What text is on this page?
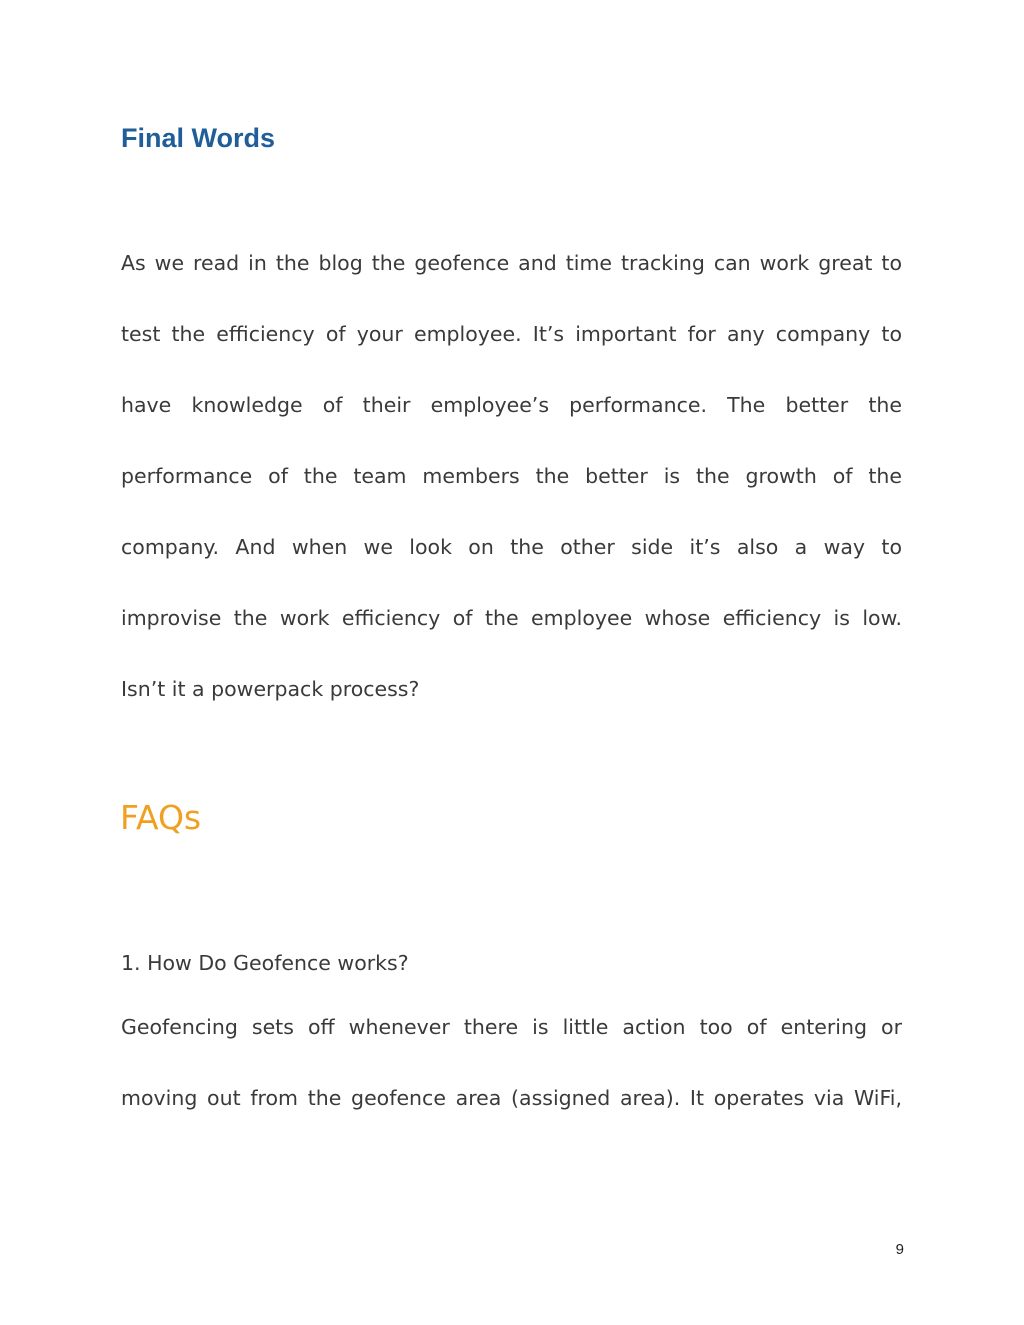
Final Words
As we read in the blog the geofence and time tracking can work great to
test the efficiency of your employee. It’s important for any company to
have knowledge of their employee’s performance. The better the
performance of the team members the better is the growth of the
company. And when we look on the other side it’s also a way to
improvise the work efficiency of the employee whose efficiency is low.
Isn’t it a powerpack process?
FAQs

1. How Do Geofence works?

Geofencing sets off whenever there is little action too of entering or
moving out from the geofence area (assigned area). It operates via WiFi,
9
